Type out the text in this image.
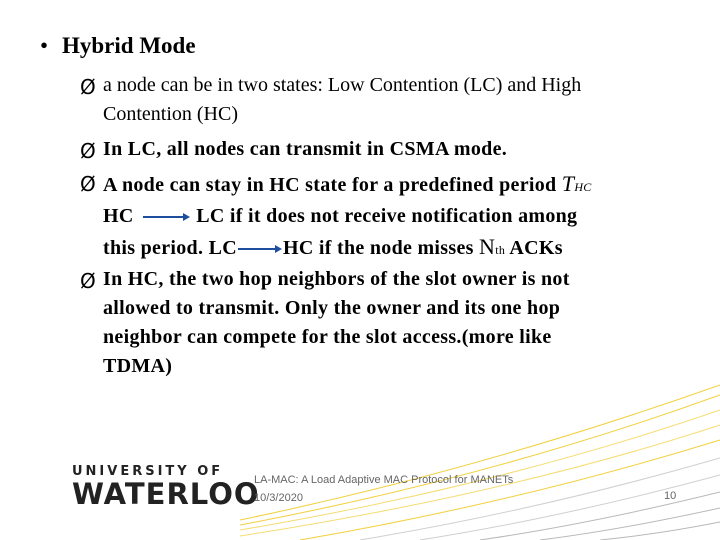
• Hybrid Mode
Ø a node can be in two states: Low Contention (LC) and High
Contention (HC)
Ø In LC, all nodes can transmit in CSMA mode.
Ø A node can stay in HC state for a predefined period THC
HC	LC if it does not receive notification among
this period. LC HC if the node misses Nth ACKs
Ø In HC, the two hop neighbors of the slot owner is not
allowed to transmit. Only the owner and its one hop
neighbor can compete for the slot access.(more like
TDMA)
UNIVERSITY OF
WATERLOO
LA-MAC: A Load Adaptive MAC Protocol for MANETs
10/3/2020	10
